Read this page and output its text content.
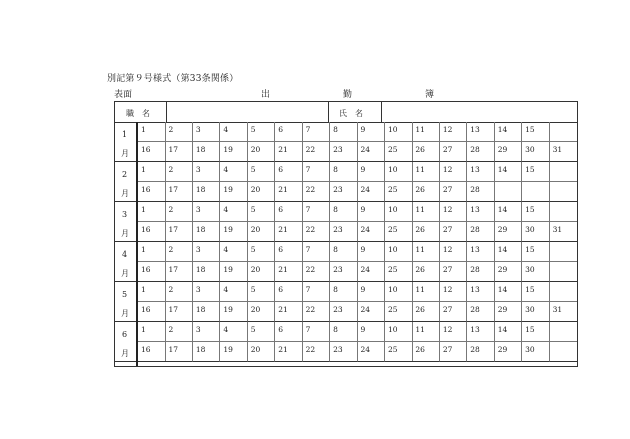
別記第９号様式（第33条関係）
表面	出	勤	簿
職　名	氏　名
1
月
1	2	3	4	5	6	7	8	9	10	11	12	13	14	15
16	17	18	19	20	21	22	23	24	25	26	27	28	29	30	31
2
月
1	2	3	4	5	6	7	8	9	10	11	12	13	14	15
16	17	18	19	20	21	22	23	24	25	26	27	28
3
月
1	2	3	4	5	6	7	8	9	10	11	12	13	14	15
16	17	18	19	20	21	22	23	24	25	26	27	28	29	30	31
4
月
1	2	3	4	5	6	7	8	9	10	11	12	13	14	15
16	17	18	19	20	21	22	23	24	25	26	27	28	29	30
5
月
1	2	3	4	5	6	7	8	9	10	11	12	13	14	15
16	17	18	19	20	21	22	23	24	25	26	27	28	29	30	31
6
月
1	2	3	4	5	6	7	8	9	10	11	12	13	14	15
16	17	18	19	20	21	22	23	24	25	26	27	28	29	30
